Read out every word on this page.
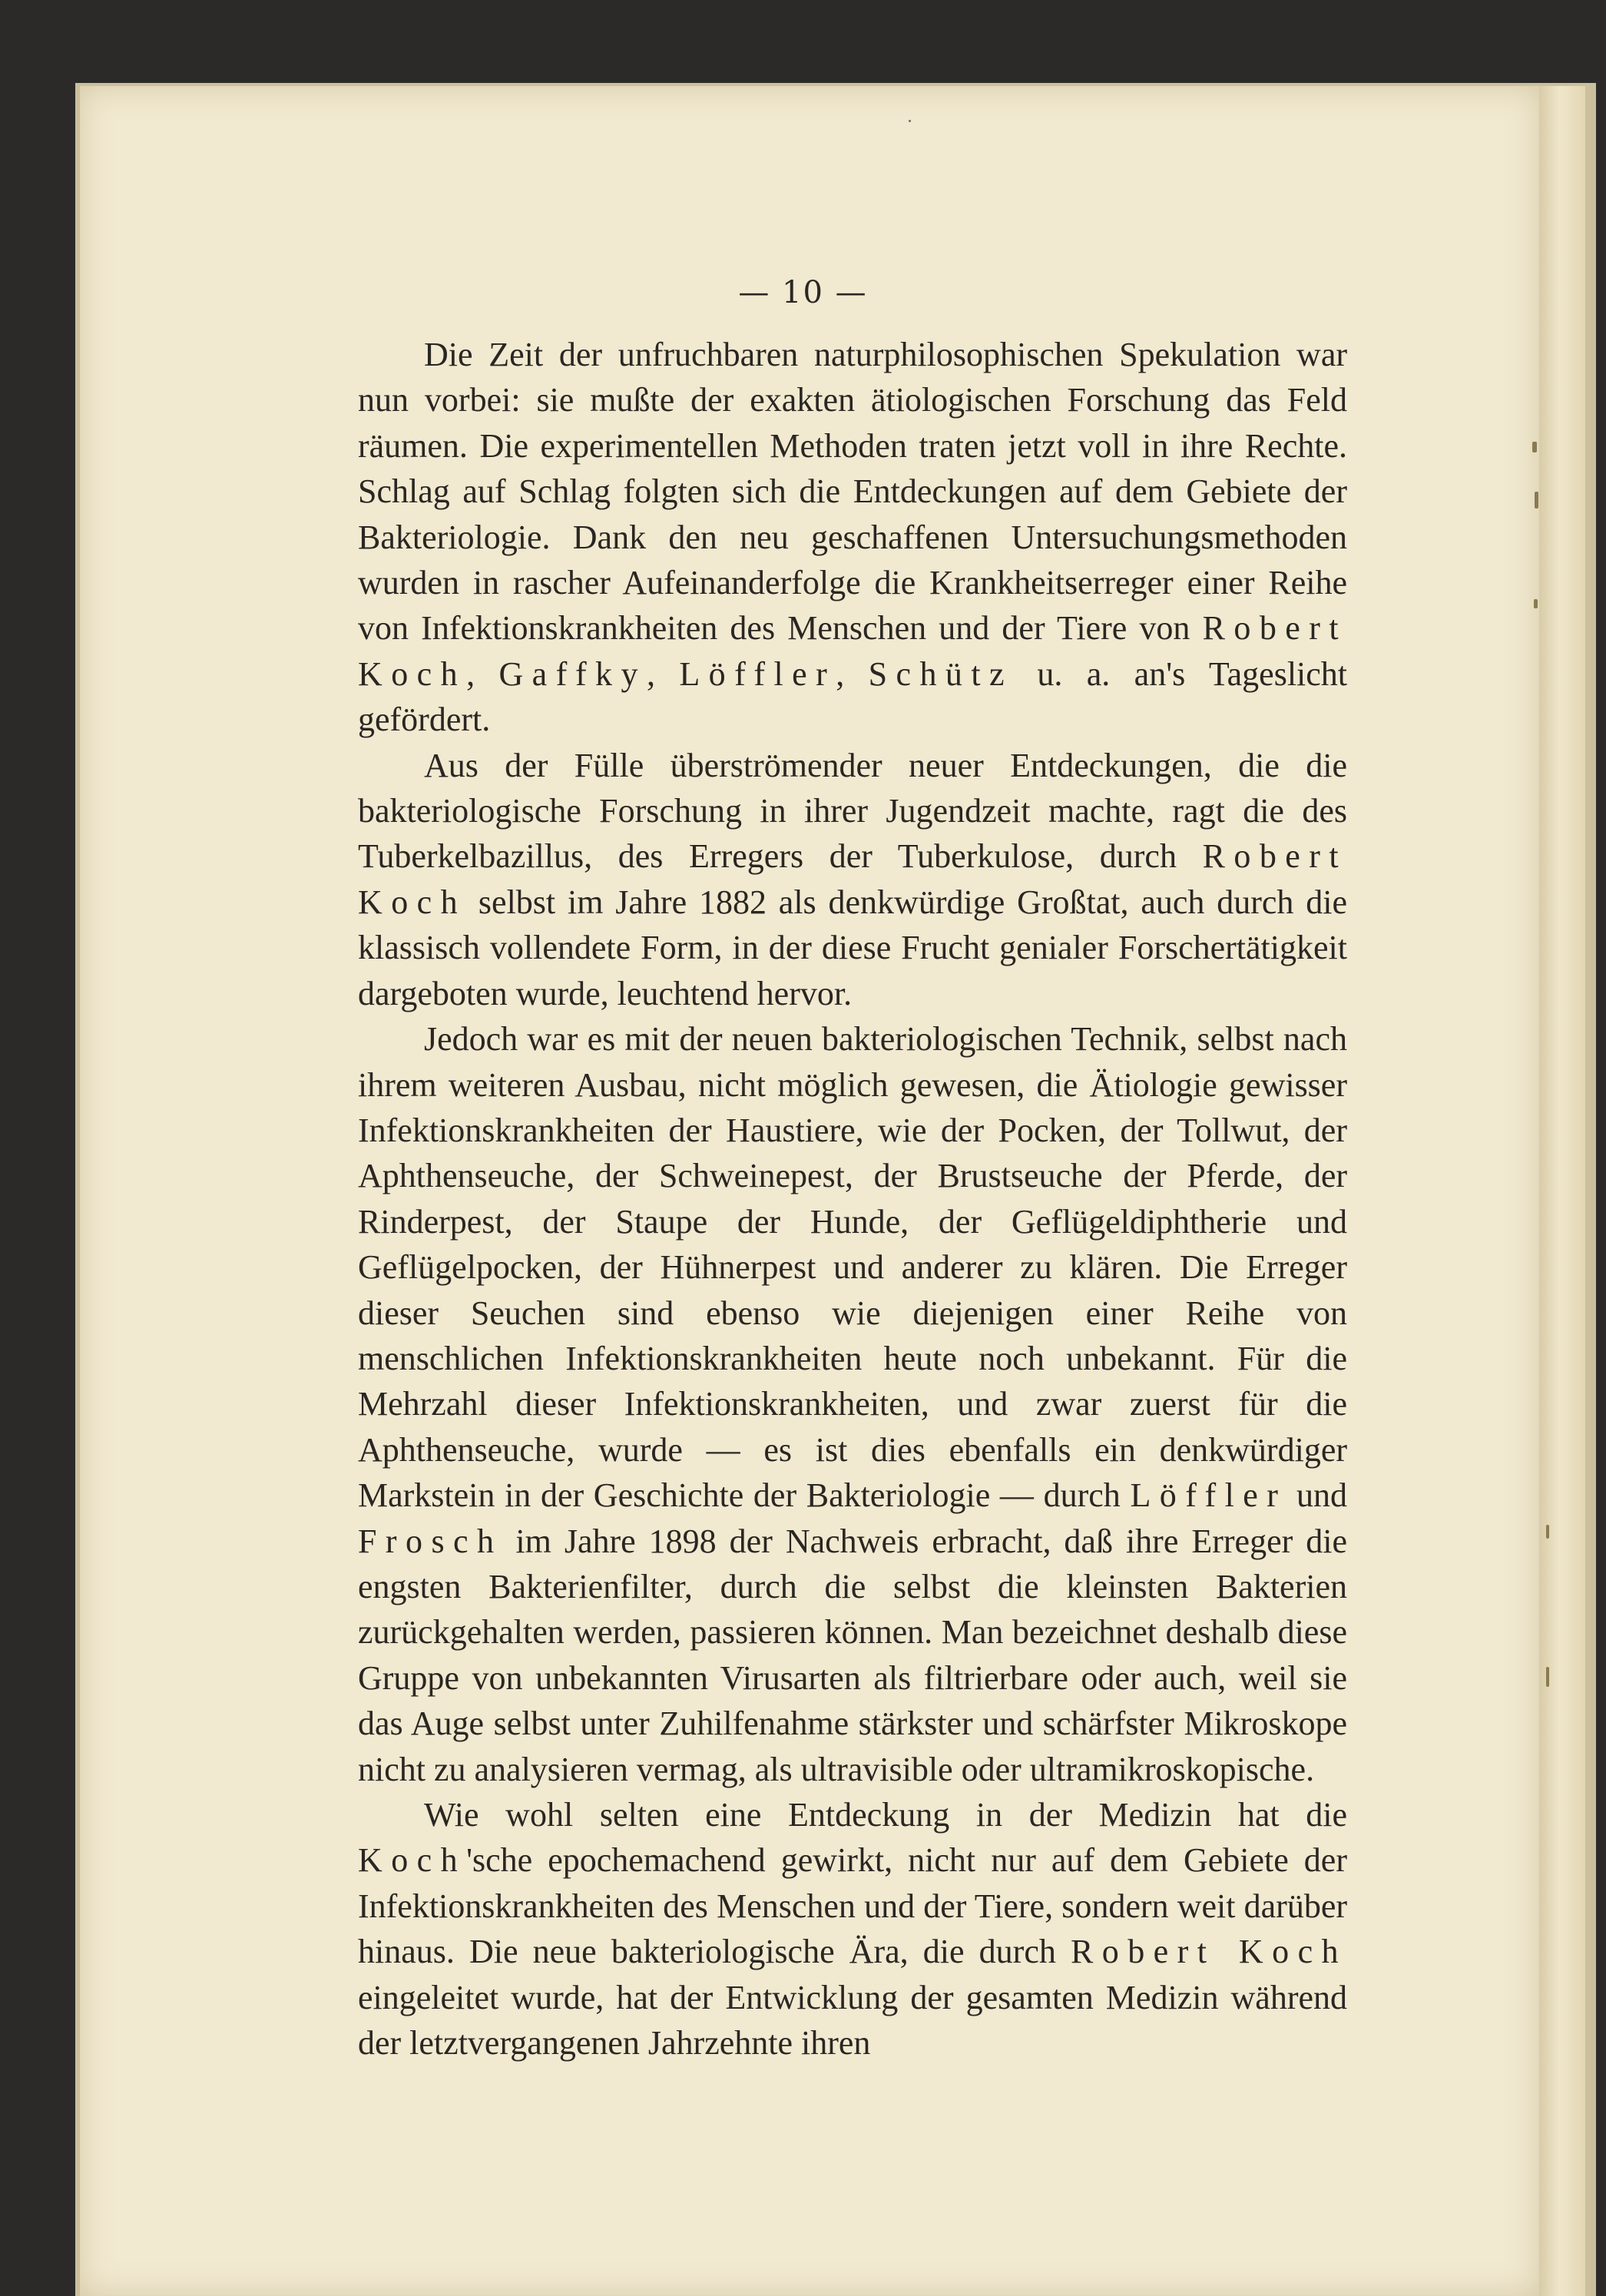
— 10 —

Die Zeit der unfruchbaren naturphilosophischen Spekulation war nun vorbei: sie mußte der exakten ätiologischen Forschung das Feld räumen. Die experimentellen Methoden traten jetzt voll in ihre Rechte. Schlag auf Schlag folgten sich die Entdeckungen auf dem Gebiete der Bakteriologie. Dank den neu geschaffenen Untersuchungsmethoden wurden in rascher Aufeinanderfolge die Krankheitserreger einer Reihe von Infektionskrankheiten des Menschen und der Tiere von Robert Koch, Gaffky, Löffler, Schütz u. a. an's Tageslicht gefördert.

Aus der Fülle überströmender neuer Entdeckungen, die die bakteriologische Forschung in ihrer Jugendzeit machte, ragt die des Tuberkelbazillus, des Erregers der Tuberkulose, durch Robert Koch selbst im Jahre 1882 als denkwürdige Großtat, auch durch die klassisch vollendete Form, in der diese Frucht genialer Forschertätigkeit dargeboten wurde, leuchtend hervor.

Jedoch war es mit der neuen bakteriologischen Technik, selbst nach ihrem weiteren Ausbau, nicht möglich gewesen, die Ätiologie gewisser Infektionskrankheiten der Haustiere, wie der Pocken, der Tollwut, der Aphthenseuche, der Schweinepest, der Brustseuche der Pferde, der Rinderpest, der Staupe der Hunde, der Geflügeldiphtherie und Geflügelpocken, der Hühnerpest und anderer zu klären. Die Erreger dieser Seuchen sind ebenso wie diejenigen einer Reihe von menschlichen Infektionskrankheiten heute noch unbekannt. Für die Mehrzahl dieser Infektionskrankheiten, und zwar zuerst für die Aphthenseuche, wurde — es ist dies ebenfalls ein denkwürdiger Markstein in der Geschichte der Bakteriologie — durch Löffler und Frosch im Jahre 1898 der Nachweis erbracht, daß ihre Erreger die engsten Bakterienfilter, durch die selbst die kleinsten Bakterien zurückgehalten werden, passieren können. Man bezeichnet deshalb diese Gruppe von unbekannten Virusarten als filtrierbare oder auch, weil sie das Auge selbst unter Zuhilfenahme stärkster und schärfster Mikroskope nicht zu analysieren vermag, als ultravisible oder ultramikroskopische.

Wie wohl selten eine Entdeckung in der Medizin hat die Koch'sche epochemachend gewirkt, nicht nur auf dem Gebiete der Infektionskrankheiten des Menschen und der Tiere, sondern weit darüber hinaus. Die neue bakteriologische Ära, die durch Robert Koch eingeleitet wurde, hat der Entwicklung der gesamten Medizin während der letztvergangenen Jahrzehnte ihren
